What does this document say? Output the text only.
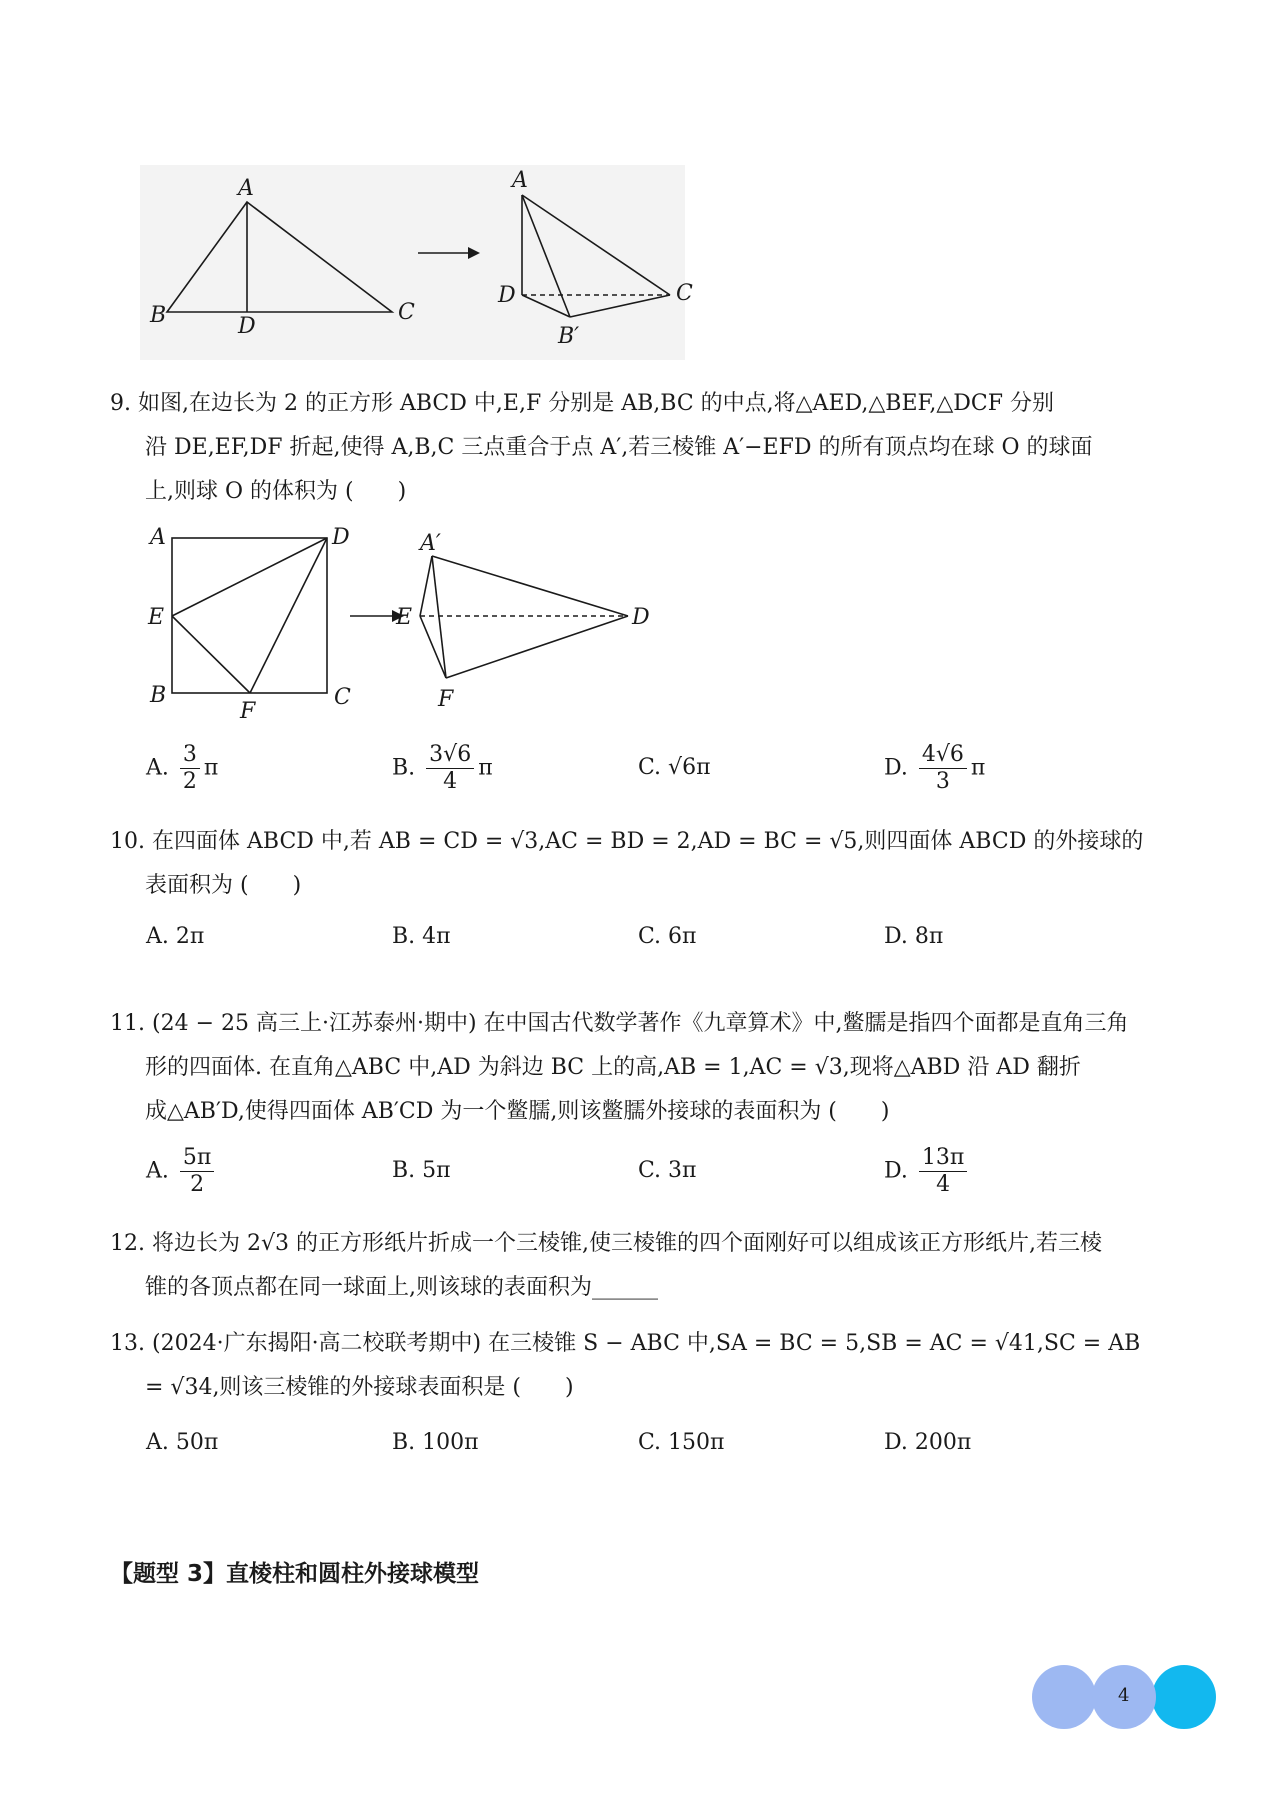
A
B	D
C
A
D	C
B′
9. 如图,在边长为 2 的正方形 ABCD 中,E,F 分别是 AB,BC 的中点,将△AED,△BEF,△DCF 分别
沿 DE,EF,DF 折起,使得 A,B,C 三点重合于点 A′,若三棱锥 A′−EFD 的所有顶点均在球 O 的球面
上,则球 O 的体积为 (　　)
A	D
E
B
F
C
A′
E	D
F
A. $\frac{3}{2}$ π	B. $\frac{3√6}{4}$ π	C. √6π	D. $\frac{4√6}{3}$ π
10. 在四面体 ABCD 中,若 AB = CD = √3,AC = BD = 2,AD = BC = √5,则四面体 ABCD 的外接球的
表面积为 (　　)
A. 2π	B. 4π	C. 6π	D. 8π
11. (24 − 25 高三上·江苏泰州·期中) 在中国古代数学著作《九章算术》中,鳖臑是指四个面都是直角三角
形的四面体. 在直角△ABC 中,AD 为斜边 BC 上的高,AB = 1,AC = √3,现将△ABD 沿 AD 翻折
成△AB′D,使得四面体 AB′CD 为一个鳖臑,则该鳖臑外接球的表面积为 (　　)
A. $\frac{5\pi}{2}$	B. 5π	C. 3π	D. $\frac{13\pi}{4}$
12. 将边长为 2√3 的正方形纸片折成一个三棱锥,使三棱锥的四个面刚好可以组成该正方形纸片,若三棱
锥的各顶点都在同一球面上,则该球的表面积为______
13. (2024·广东揭阳·高二校联考期中) 在三棱锥 S − ABC 中,SA = BC = 5,SB = AC = √41,SC = AB
= √34,则该三棱锥的外接球表面积是 (　　)
A. 50π	B. 100π	C. 150π	D. 200π
【题型 3】直棱柱和圆柱外接球模型
4
